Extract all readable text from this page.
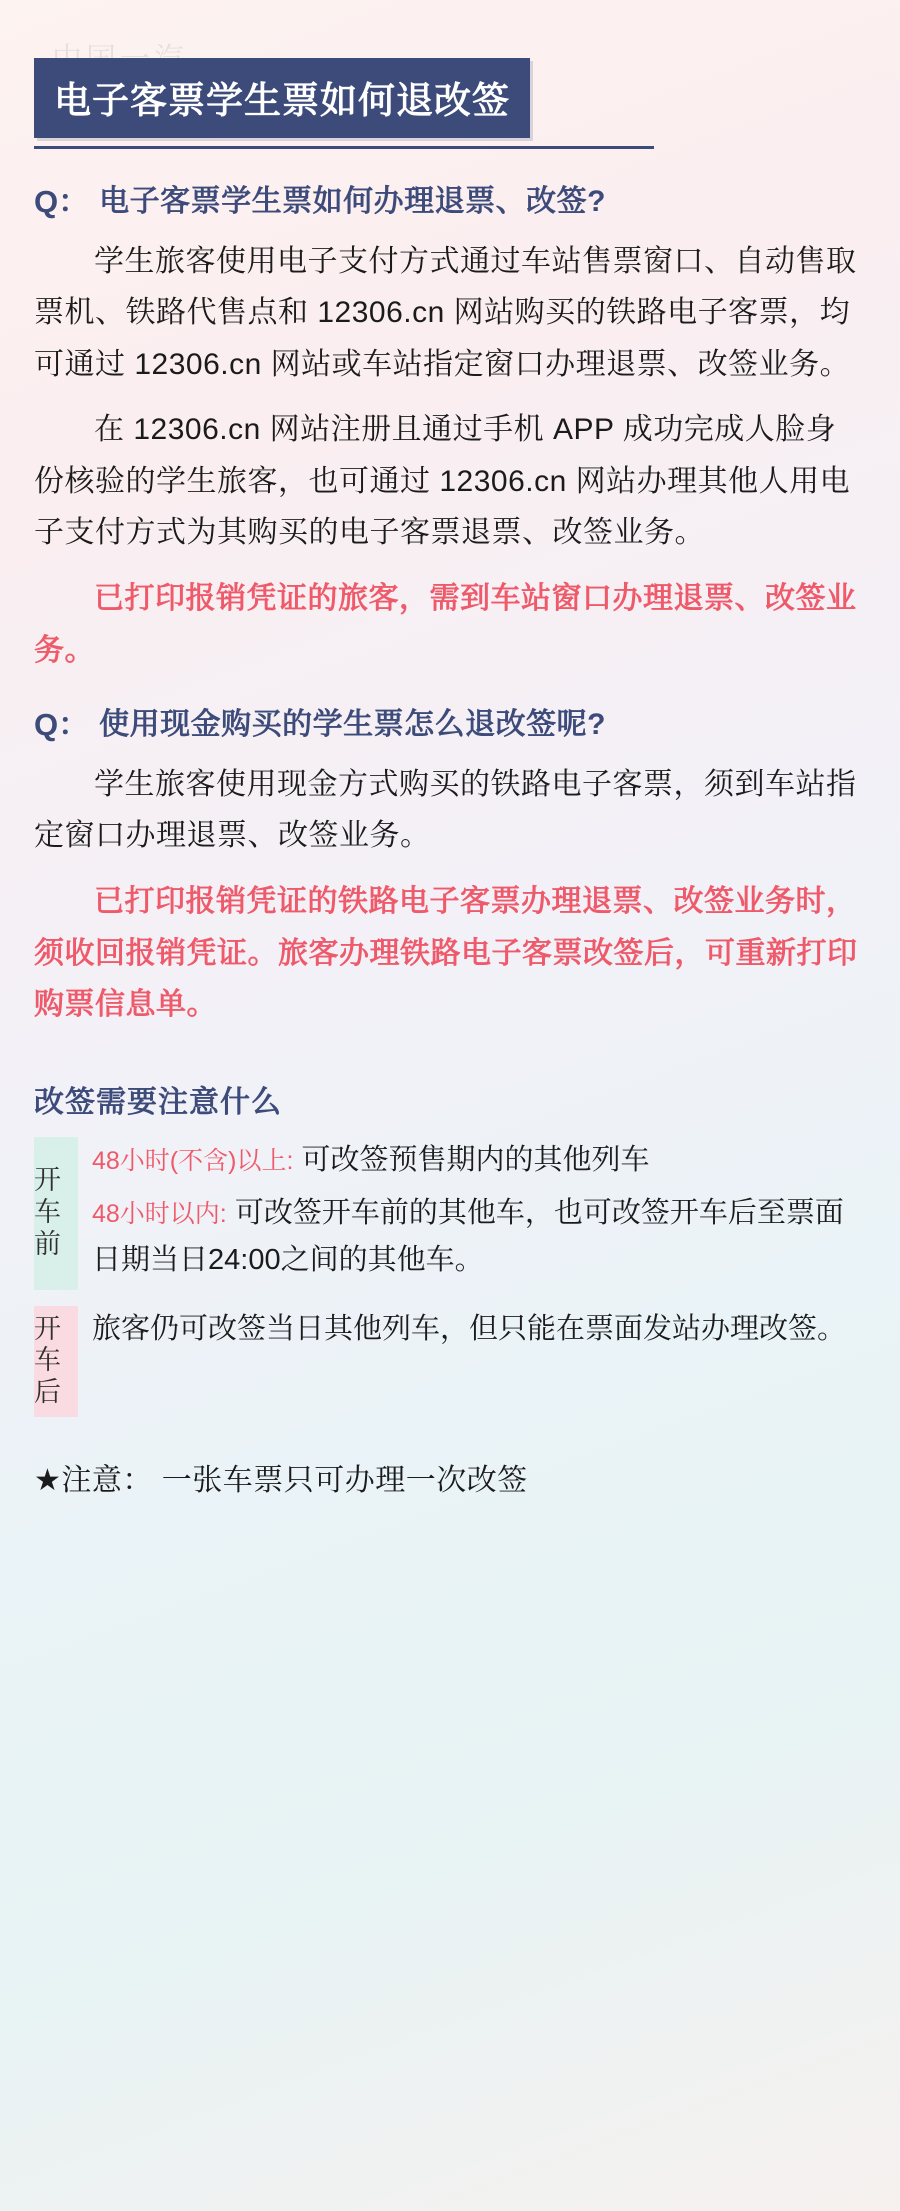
电子客票学生票如何退改签
Q： 电子客票学生票如何办理退票、改签?

学生旅客使用电子支付方式通过车站售票窗口、自动售取票机、铁路代售点和 12306.cn 网站购买的铁路电子客票，均可通过 12306.cn 网站或车站指定窗口办理退票、改签业务。

在 12306.cn 网站注册且通过手机 APP 成功完成人脸身份核验的学生旅客，也可通过 12306.cn 网站办理其他人用电子支付方式为其购买的电子客票退票、改签业务。

已打印报销凭证的旅客，需到车站窗口办理退票、改签业务。

Q： 使用现金购买的学生票怎么退改签呢?

学生旅客使用现金方式购买的铁路电子客票，须到车站指定窗口办理退票、改签业务。

已打印报销凭证的铁路电子客票办理退票、改签业务时，须收回报销凭证。旅客办理铁路电子客票改签后，可重新打印购票信息单。

改签需要注意什么
开车前
48小时(不含)以上: 可改签预售期内的其他列车
48小时以内: 可改签开车前的其他车，也可改签开车后至票面日期当日24:00之间的其他车。
开车后
旅客仍可改签当日其他列车，但只能在票面发站办理改签。
★注意： 一张车票只可办理一次改签
